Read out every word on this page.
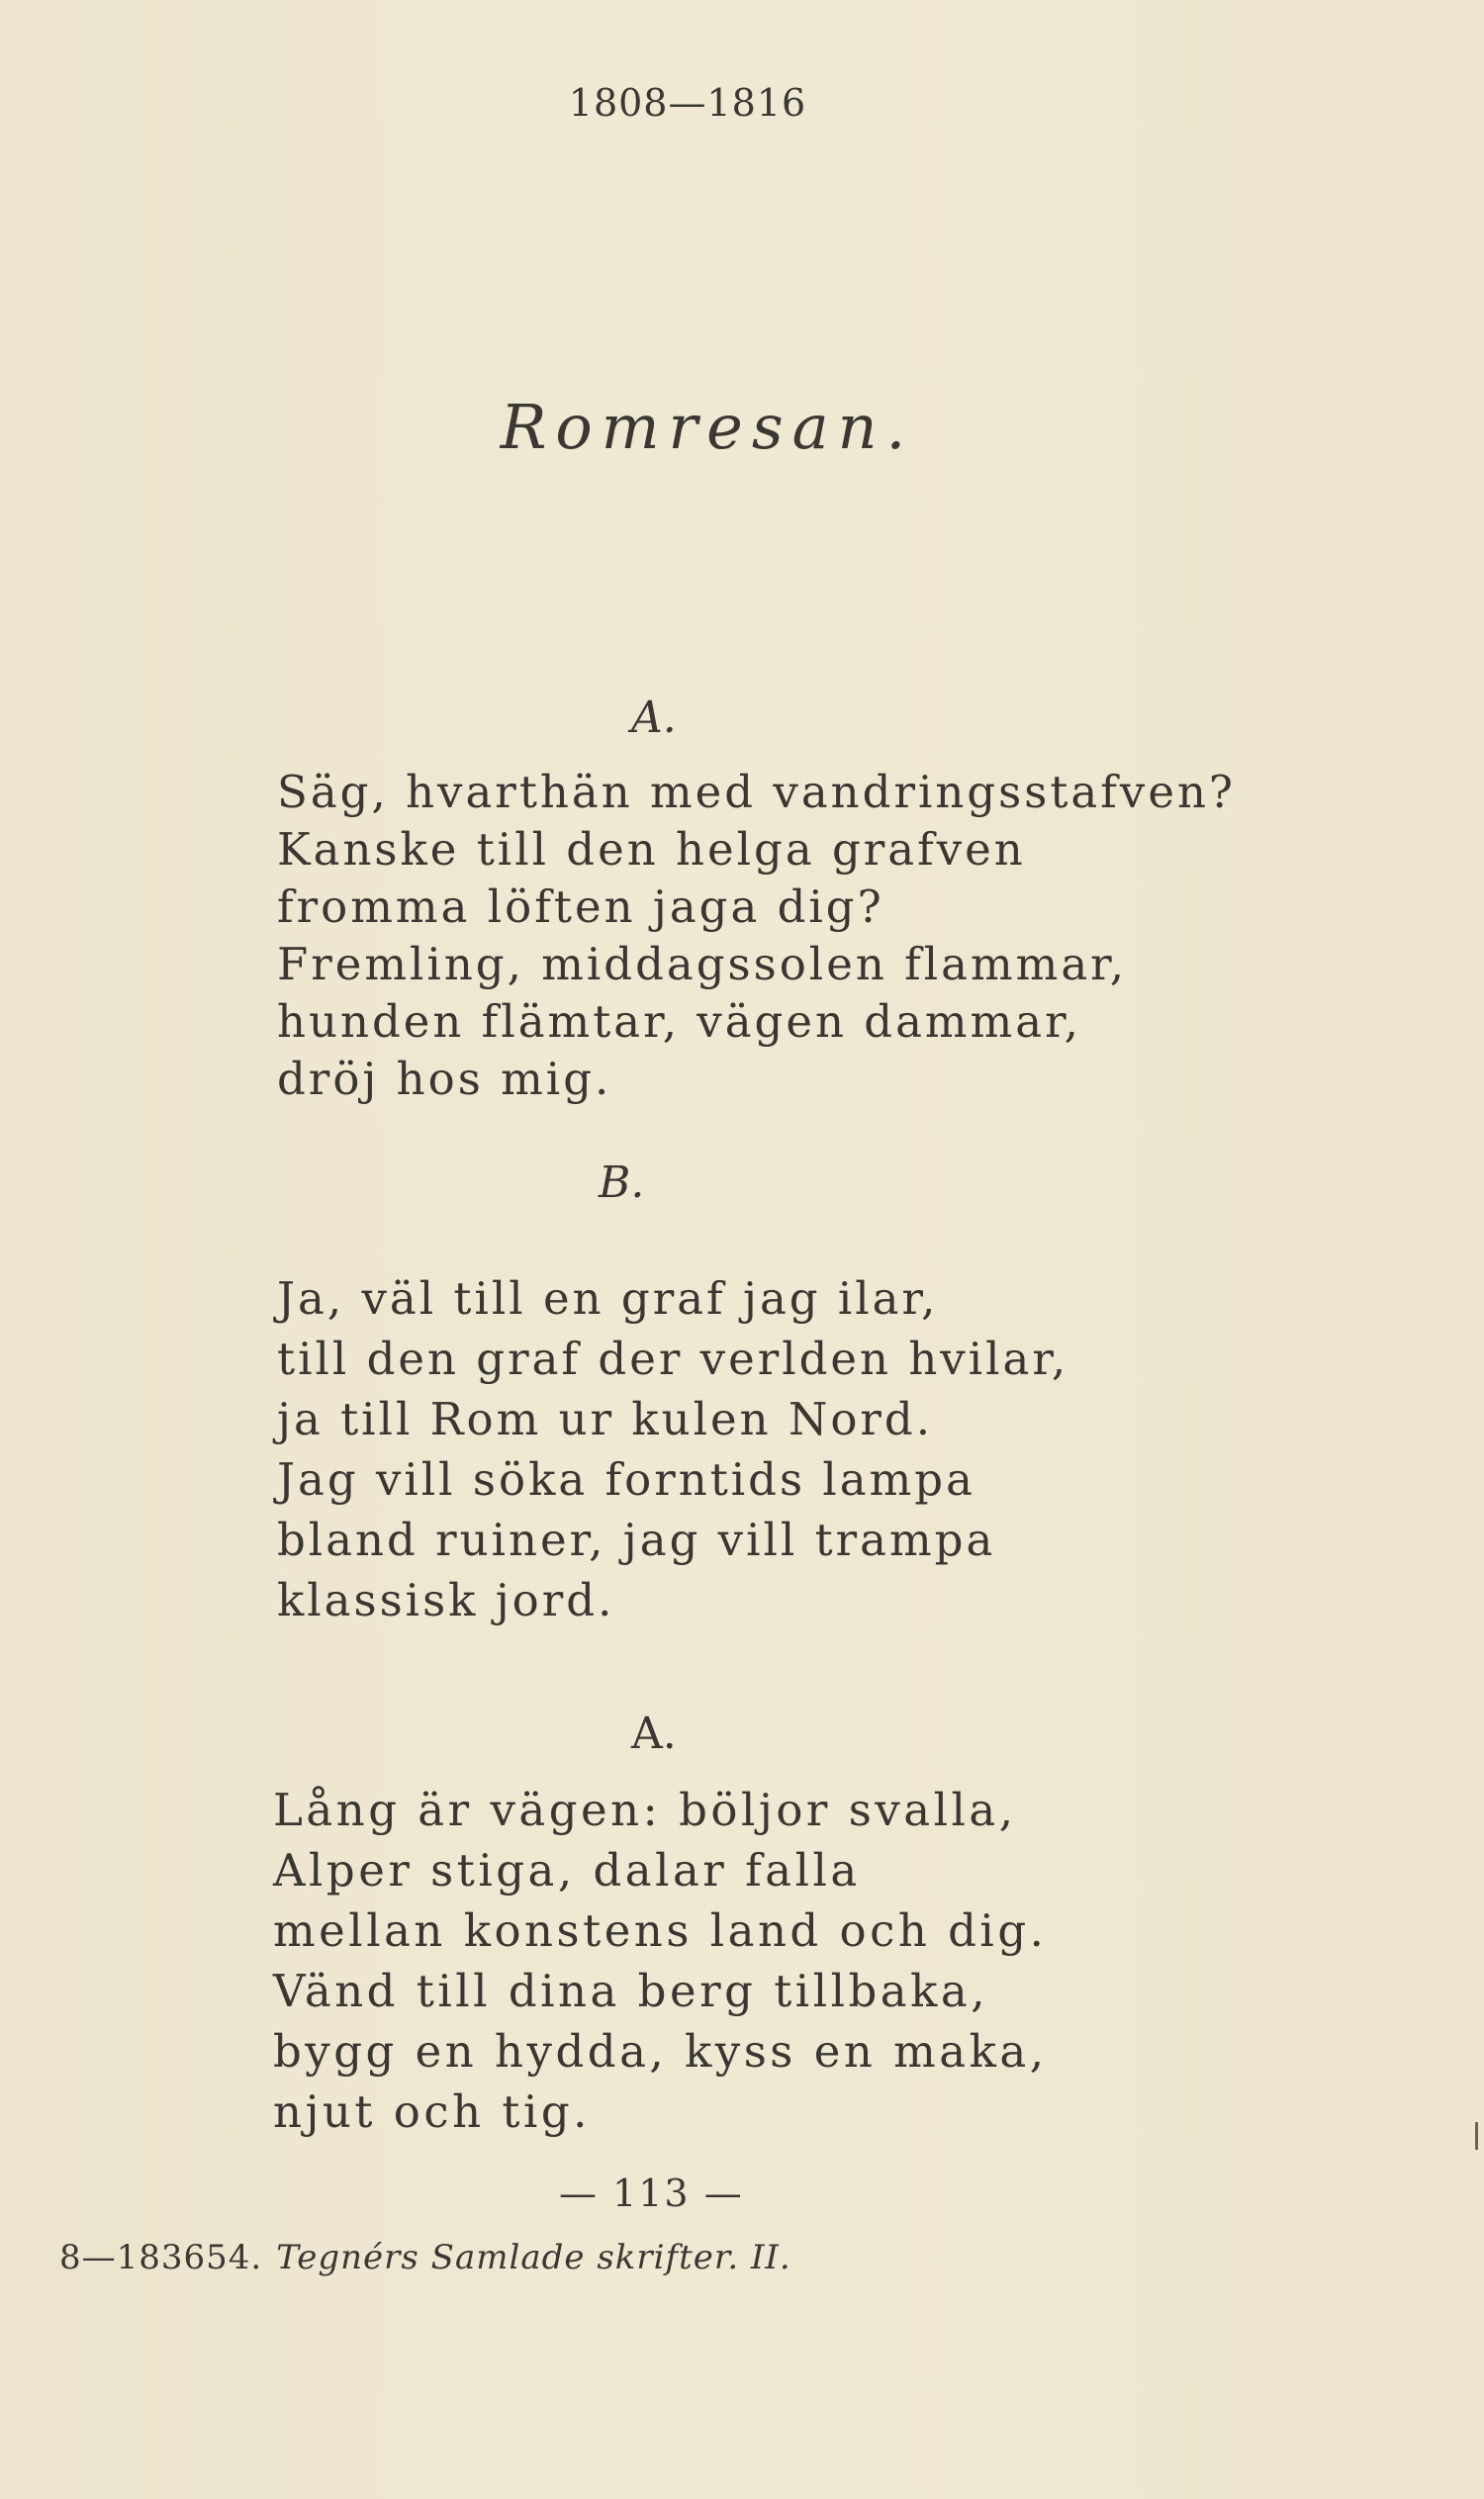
1808—1816
Romresan.
A.
Säg, hvarthän med vandringsstafven?
Kanske till den helga grafven
fromma löften jaga dig?
Fremling, middagssolen flammar,
hunden flämtar, vägen dammar,
dröj hos mig.
B.
Ja, väl till en graf jag ilar,
till den graf der verlden hvilar,
ja till Rom ur kulen Nord.
Jag vill söka forntids lampa
bland ruiner, jag vill trampa
klassisk jord.
A.
Lång är vägen: böljor svalla,
Alper stiga, dalar falla
mellan konstens land och dig.
Vänd till dina berg tillbaka,
bygg en hydda, kyss en maka,
njut och tig.
— 113 —
8—183654. Tegnérs Samlade skrifter. II.
